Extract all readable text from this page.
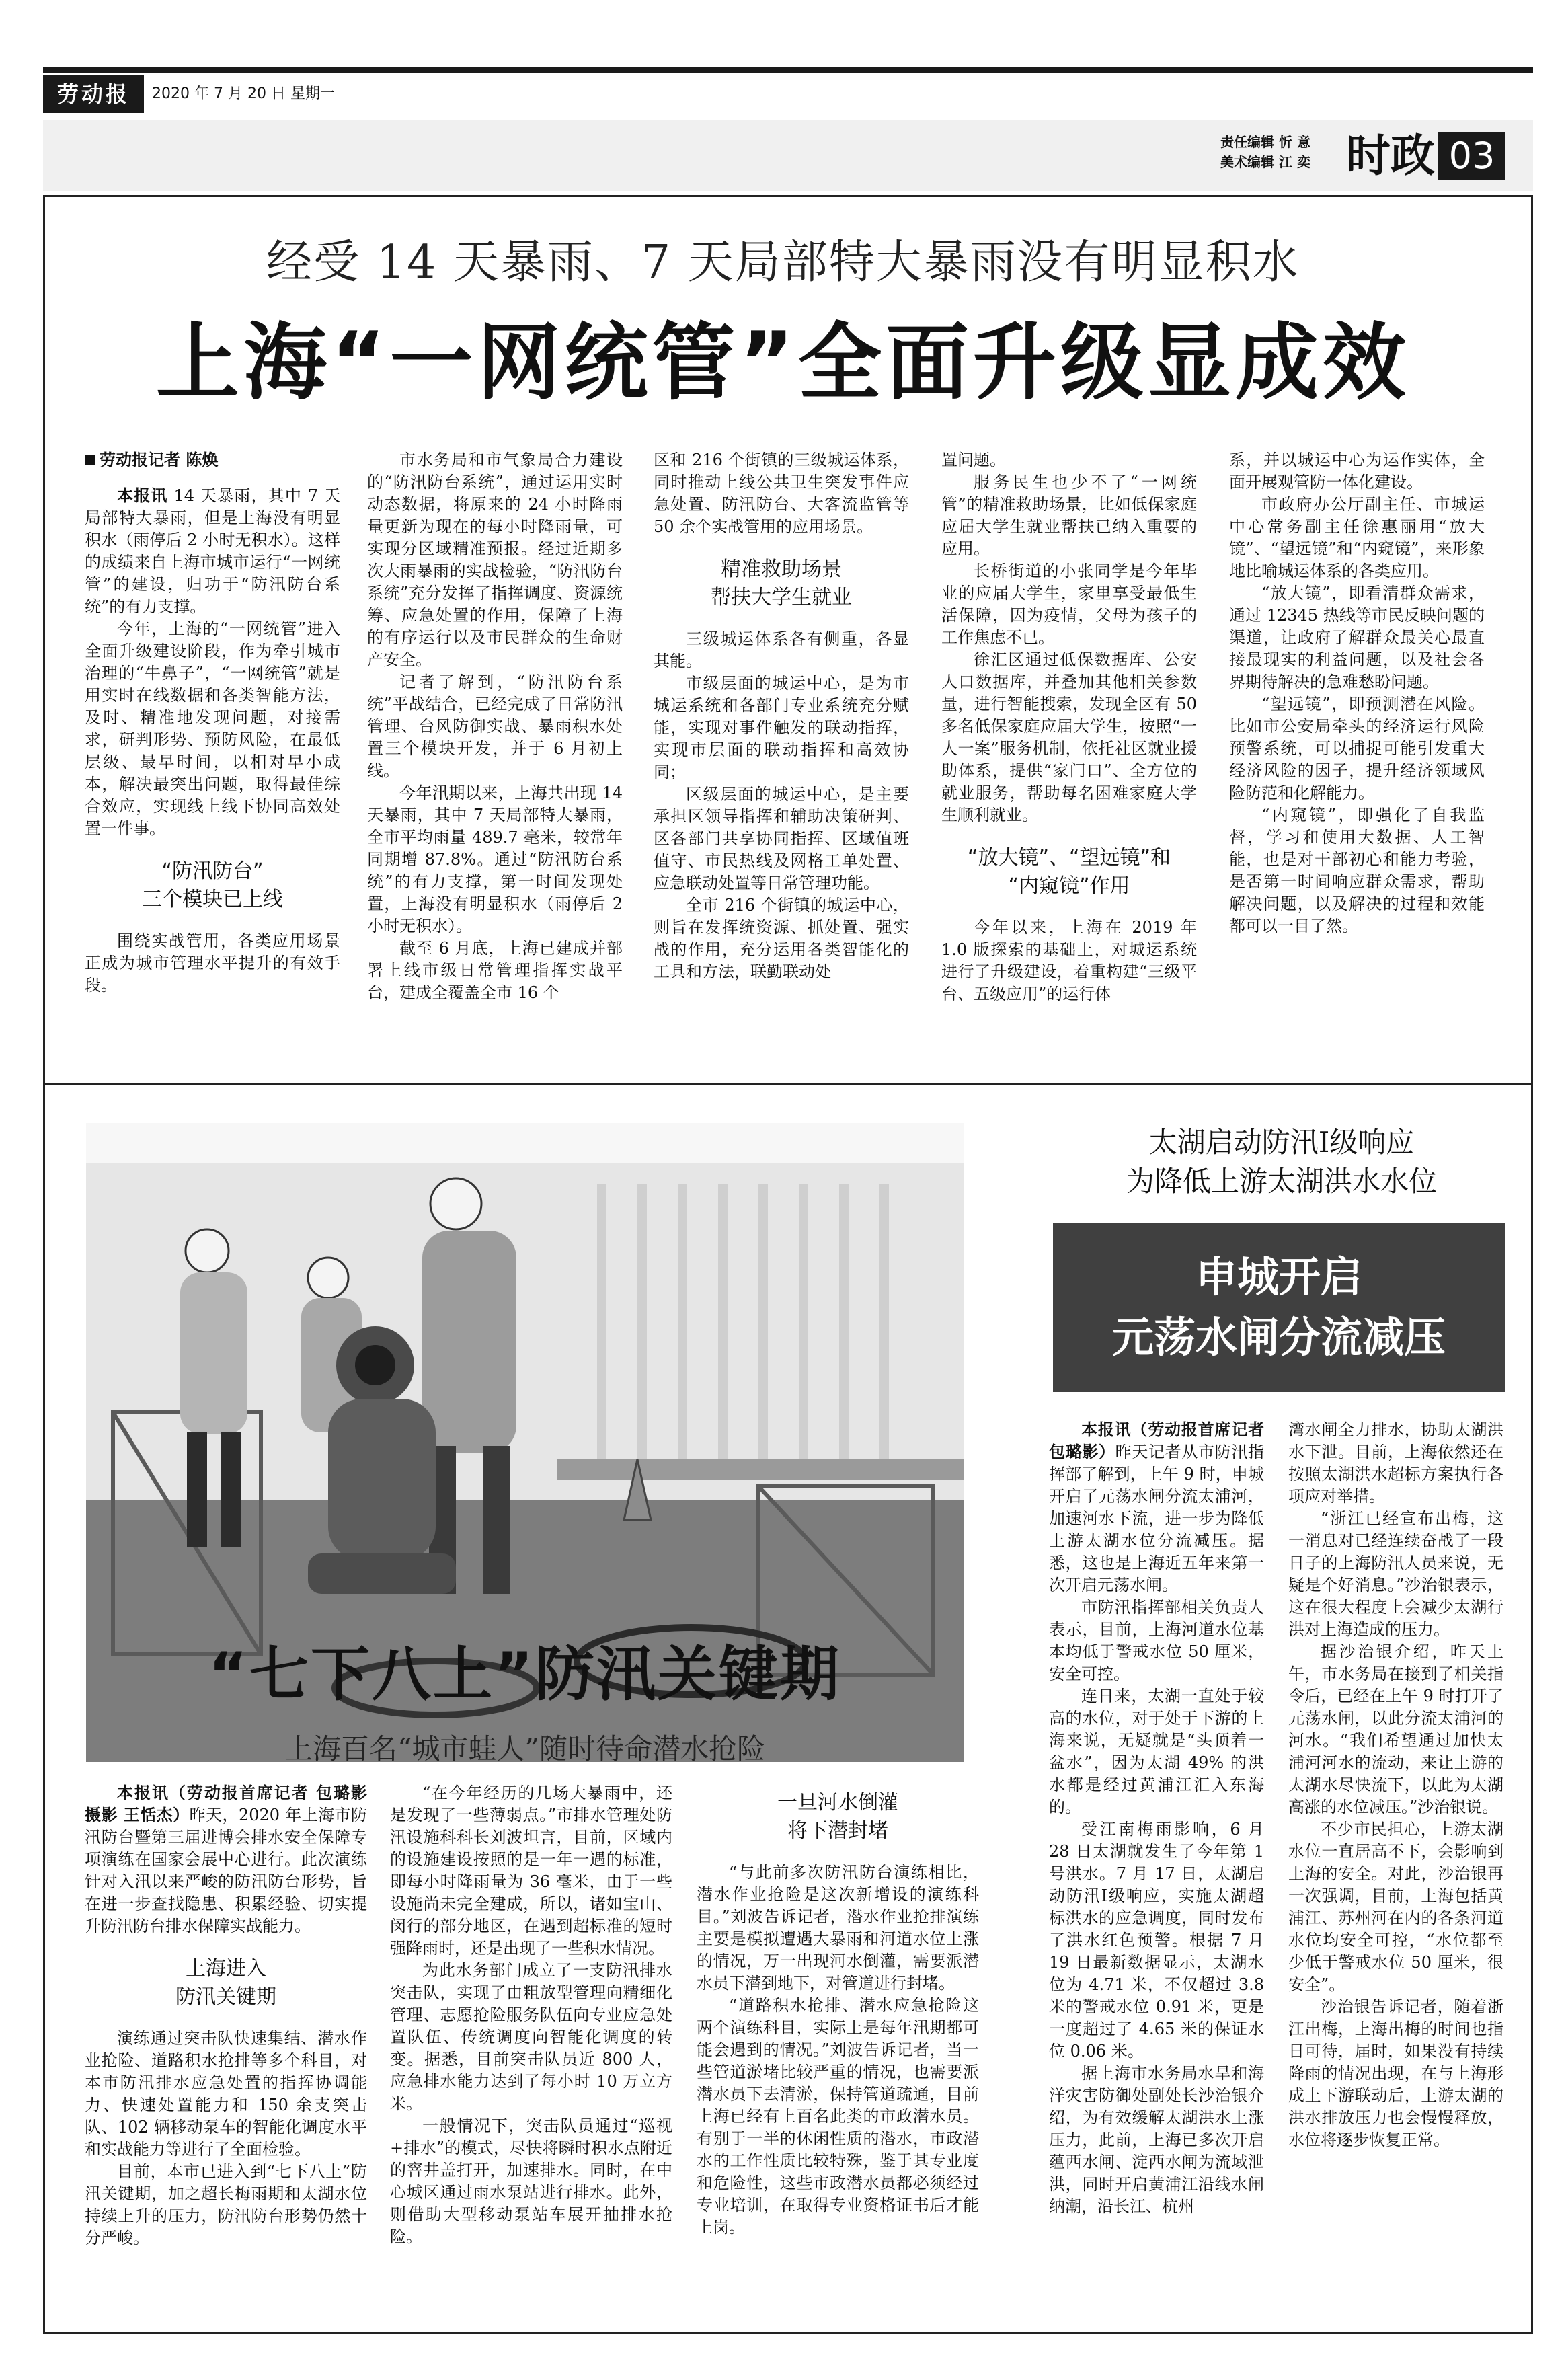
劳动报	2020 年 7 月 20 日 星期一
责任编辑 忻 意
美术编辑 江 奕 时政 03
经受 14 天暴雨、7 天局部特大暴雨没有明显积水
上海“一网统管”全面升级显成效
劳动报记者 陈焕

本报讯 14 天暴雨，其中 7 天局部特大暴雨，但是上海没有明显积水（雨停后 2 小时无积水）。这样的成绩来自上海市城市运行“一网统管”的建设，归功于“防汛防台系统”的有力支撑。

今年，上海的“一网统管”进入全面升级建设阶段，作为牵引城市治理的“牛鼻子”，“一网统管”就是用实时在线数据和各类智能方法，及时、精准地发现问题，对接需求，研判形势、预防风险，在最低层级、最早时间，以相对早小成本，解决最突出问题，取得最佳综合效应，实现线上线下协同高效处置一件事。

“防汛防台”
三个模块已上线

围绕实战管用，各类应用场景正成为城市管理水平提升的有效手段。

市水务局和市气象局合力建设的“防汛防台系统”，通过运用实时动态数据，将原来的 24 小时降雨量更新为现在的每小时降雨量，可实现分区域精准预报。经过近期多次大雨暴雨的实战检验，“防汛防台系统”充分发挥了指挥调度、资源统筹、应急处置的作用，保障了上海的有序运行以及市民群众的生命财产安全。

记者了解到，“防汛防台系统”平战结合，已经完成了日常防汛管理、台风防御实战、暴雨积水处置三个模块开发，并于 6 月初上线。

今年汛期以来，上海共出现 14 天暴雨，其中 7 天局部特大暴雨，全市平均雨量 489.7 毫米，较常年同期增 87.8%。通过“防汛防台系统”的有力支撑，第一时间发现处置，上海没有明显积水（雨停后 2 小时无积水）。

截至 6 月底，上海已建成并部署上线市级日常管理指挥实战平台，建成全覆盖全市 16 个

区和 216 个街镇的三级城运体系，同时推动上线公共卫生突发事件应急处置、防汛防台、大客流监管等 50 余个实战管用的应用场景。

精准救助场景
帮扶大学生就业

三级城运体系各有侧重，各显其能。

市级层面的城运中心，是为市城运系统和各部门专业系统充分赋能，实现对事件触发的联动指挥，实现市层面的联动指挥和高效协同；

区级层面的城运中心，是主要承担区领导指挥和辅助决策研判、区各部门共享协同指挥、区域值班值守、市民热线及网格工单处置、应急联动处置等日常管理功能。

全市 216 个街镇的城运中心，则旨在发挥统资源、抓处置、强实战的作用，充分运用各类智能化的工具和方法，联勤联动处

置问题。

服务民生也少不了“一网统管”的精准救助场景，比如低保家庭应届大学生就业帮扶已纳入重要的应用。

长桥街道的小张同学是今年毕业的应届大学生，家里享受最低生活保障，因为疫情，父母为孩子的工作焦虑不已。

徐汇区通过低保数据库、公安人口数据库，并叠加其他相关参数量，进行智能搜索，发现全区有 50 多名低保家庭应届大学生，按照“一人一案”服务机制，依托社区就业援助体系，提供“家门口”、全方位的就业服务，帮助每名困难家庭大学生顺利就业。

“放大镜”、“望远镜”和
“内窥镜”作用

今年以来，上海在 2019 年 1.0 版探索的基础上，对城运系统进行了升级建设，着重构建“三级平台、五级应用”的运行体

系，并以城运中心为运作实体，全面开展观管防一体化建设。

市政府办公厅副主任、市城运中心常务副主任徐惠丽用“放大镜”、“望远镜”和“内窥镜”，来形象地比喻城运体系的各类应用。

“放大镜”，即看清群众需求，通过 12345 热线等市民反映问题的渠道，让政府了解群众最关心最直接最现实的利益问题，以及社会各界期待解决的急难愁盼问题。

“望远镜”，即预测潜在风险。比如市公安局牵头的经济运行风险预警系统，可以捕捉可能引发重大经济风险的因子，提升经济领域风险防范和化解能力。

“内窥镜”，即强化了自我监督，学习和使用大数据、人工智能，也是对干部初心和能力考验，是否第一时间响应群众需求，帮助解决问题，以及解决的过程和效能都可以一目了然。

“七下八上”防汛关键期
上海百名“城市蛙人”随时待命潜水抢险

本报讯（劳动报首席记者 包璐影 摄影 王恬杰）昨天，2020 年上海市防汛防台暨第三届进博会排水安全保障专项演练在国家会展中心进行。此次演练针对入汛以来严峻的防汛防台形势，旨在进一步查找隐患、积累经验、切实提升防汛防台排水保障实战能力。

上海进入
防汛关键期

演练通过突击队快速集结、潜水作业抢险、道路积水抢排等多个科目，对本市防汛排水应急处置的指挥协调能力、快速处置能力和 150 余支突击队、102 辆移动泵车的智能化调度水平和实战能力等进行了全面检验。

目前，本市已进入到“七下八上”防汛关键期，加之超长梅雨期和太湖水位持续上升的压力，防汛防台形势仍然十分严峻。

“在今年经历的几场大暴雨中，还是发现了一些薄弱点。”市排水管理处防汛设施科科长刘波坦言，目前，区域内的设施建设按照的是一年一遇的标准，即每小时降雨量为 36 毫米，由于一些设施尚未完全建成，所以，诸如宝山、闵行的部分地区，在遇到超标准的短时强降雨时，还是出现了一些积水情况。

为此水务部门成立了一支防汛排水突击队，实现了由粗放型管理向精细化管理、志愿抢险服务队伍向专业应急处置队伍、传统调度向智能化调度的转变。据悉，目前突击队员近 800 人，应急排水能力达到了每小时 10 万立方米。

一般情况下，突击队员通过“巡视+排水”的模式，尽快将瞬时积水点附近的窨井盖打开，加速排水。同时，在中心城区通过雨水泵站进行排水。此外，则借助大型移动泵站车展开抽排水抢险。

一旦河水倒灌
将下潜封堵

“与此前多次防汛防台演练相比，潜水作业抢险是这次新增设的演练科目。”刘波告诉记者，潜水作业抢排演练主要是模拟遭遇大暴雨和河道水位上涨的情况，万一出现河水倒灌，需要派潜水员下潜到地下，对管道进行封堵。

“道路积水抢排、潜水应急抢险这两个演练科目，实际上是每年汛期都可能会遇到的情况。”刘波告诉记者，当一些管道淤堵比较严重的情况，也需要派潜水员下去清淤，保持管道疏通，目前上海已经有上百名此类的市政潜水员。有别于一半的休闲性质的潜水，市政潜水的工作性质比较特殊，鉴于其专业度和危险性，这些市政潜水员都必须经过专业培训，在取得专业资格证书后才能上岗。

太湖启动防汛Ⅰ级响应
为降低上游太湖洪水水位
申城开启
元荡水闸分流减压

本报讯（劳动报首席记者 包璐影）昨天记者从市防汛指挥部了解到，上午 9 时，申城开启了元荡水闸分流太浦河，加速河水下流，进一步为降低上游太湖水位分流减压。据悉，这也是上海近五年来第一次开启元荡水闸。

市防汛指挥部相关负责人表示，目前，上海河道水位基本均低于警戒水位 50 厘米，安全可控。

连日来，太湖一直处于较高的水位，对于处于下游的上海来说，无疑就是“头顶着一盆水”，因为太湖 49% 的洪水都是经过黄浦江汇入东海的。

受江南梅雨影响，6 月 28 日太湖就发生了今年第 1 号洪水。7 月 17 日，太湖启动防汛Ⅰ级响应，实施太湖超标洪水的应急调度，同时发布了洪水红色预警。根据 7 月 19 日最新数据显示，太湖水位为 4.71 米，不仅超过 3.8 米的警戒水位 0.91 米，更是一度超过了 4.65 米的保证水位 0.06 米。

据上海市水务局水旱和海洋灾害防御处副处长沙治银介绍，为有效缓解太湖洪水上涨压力，此前，上海已多次开启蕴西水闸、淀西水闸为流域泄洪，同时开启黄浦江沿线水闸纳潮，沿长江、杭州

湾水闸全力排水，协助太湖洪水下泄。目前，上海依然还在按照太湖洪水超标方案执行各项应对举措。

“浙江已经宣布出梅，这一消息对已经连续奋战了一段日子的上海防汛人员来说，无疑是个好消息。”沙治银表示，这在很大程度上会减少太湖行洪对上海造成的压力。

据沙治银介绍，昨天上午，市水务局在接到了相关指令后，已经在上午 9 时打开了元荡水闸，以此分流太浦河的河水。“我们希望通过加快太浦河河水的流动，来让上游的太湖水尽快流下，以此为太湖高涨的水位减压。”沙治银说。

不少市民担心，上游太湖水位一直居高不下，会影响到上海的安全。对此，沙治银再一次强调，目前，上海包括黄浦江、苏州河在内的各条河道水位均安全可控，“水位都至少低于警戒水位 50 厘米，很安全”。

沙治银告诉记者，随着浙江出梅，上海出梅的时间也指日可待，届时，如果没有持续降雨的情况出现，在与上海形成上下游联动后，上游太湖的洪水排放压力也会慢慢释放，水位将逐步恢复正常。
